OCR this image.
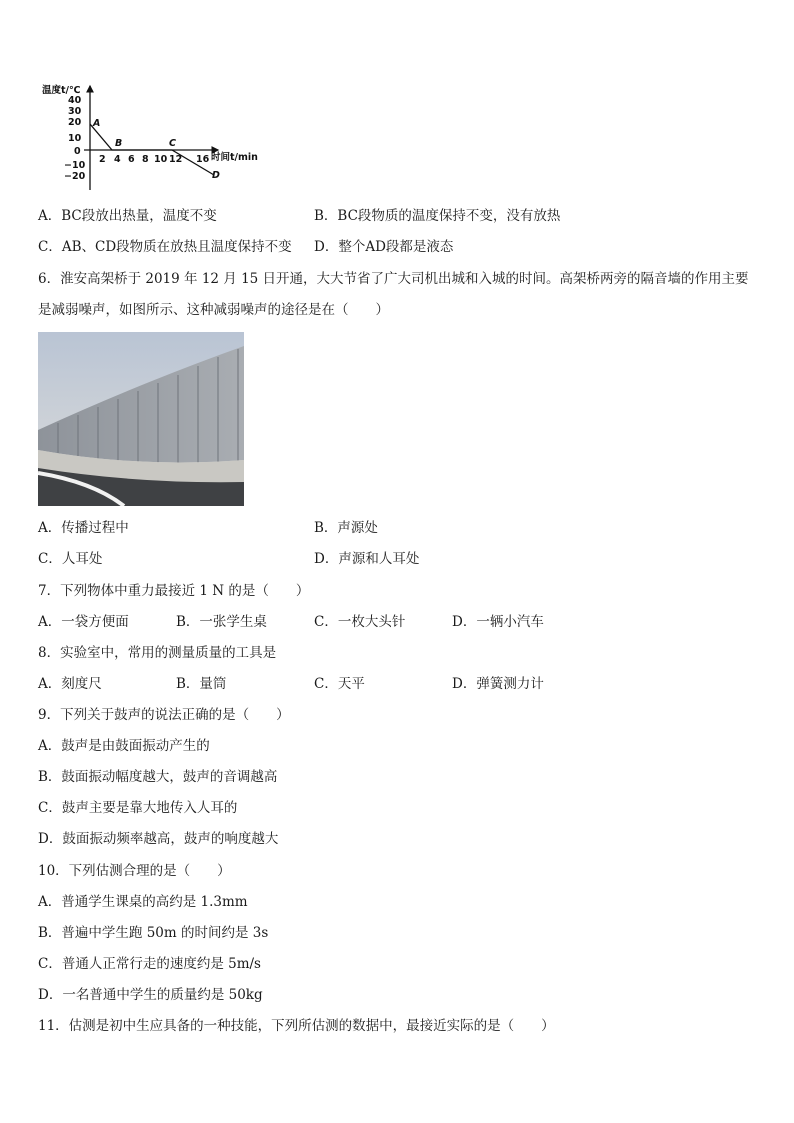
温度t/℃
40
30
20
10
0
−10
−20
2 4 6 8 10 12 16 时间t/min
A
B	C
D
A．BC段放出热量，温度不变	B．BC段物质的温度保持不变，没有放热
C．AB、CD段物质在放热且温度保持不变 D．整个AD段都是液态
6．淮安高架桥于 2019 年 12 月 15 日开通，大大节省了广大司机出城和入城的时间。高架桥两旁的隔音墙的作用主要
是减弱噪声，如图所示、这种减弱噪声的途径是在（　　）
A．传播过程中	B．声源处
C．人耳处	D．声源和人耳处
7．下列物体中重力最接近 1 N 的是（　　）
A．一袋方便面	B．一张学生桌	C．一枚大头针	D．一辆小汽车
8．实验室中，常用的测量质量的工具是
A．刻度尺	B．量筒	C．天平	D．弹簧测力计
9．下列关于鼓声的说法正确的是（　　）
A．鼓声是由鼓面振动产生的
B．鼓面振动幅度越大，鼓声的音调越高
C．鼓声主要是靠大地传入人耳的
D．鼓面振动频率越高，鼓声的响度越大
10．下列估测合理的是（　　）
A．普通学生课桌的高约是 1.3mm
B．普遍中学生跑 50m 的时间约是 3s
C．普通人正常行走的速度约是 5m/s
D．一名普通中学生的质量约是 50kg
11．估测是初中生应具备的一种技能，下列所估测的数据中，最接近实际的是（　　）
